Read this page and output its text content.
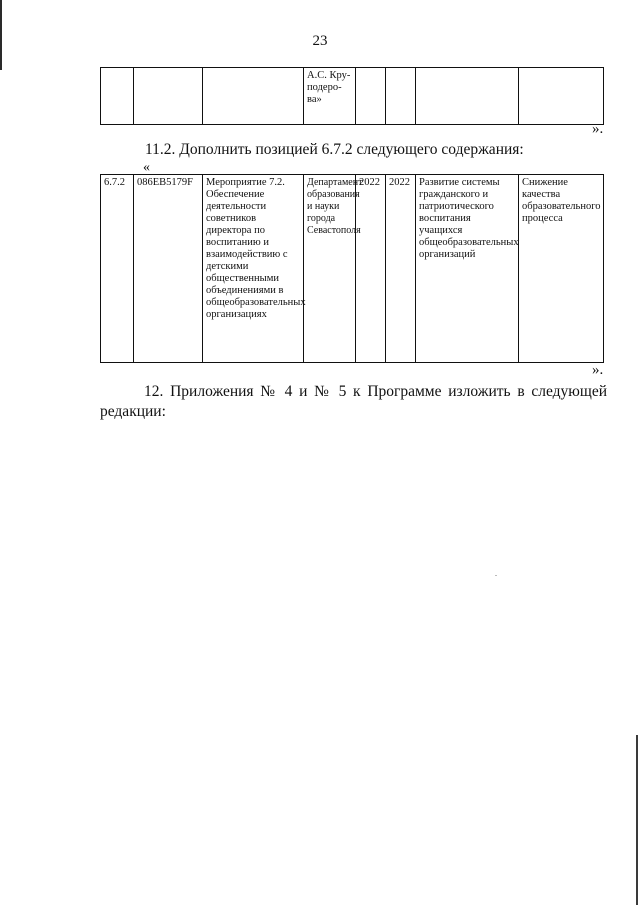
23
			А.С. Кру-
подеро-
ва»				
».

11.2. Дополнить позицией 6.7.2 следующего содержания:

«
6.7.2	086ЕВ5179F	Мероприятие 7.2. Обеспечение деятельности советников директора по воспитанию и взаимодействию с детскими общественными объединениями в общеобразовательных организациях	Департамент образования и науки города Севастополя	2022	2022	Развитие системы гражданского и патриотического воспитания учащихся общеобразовательных организаций	Снижение качества образовательного процесса
».

12. Приложения № 4 и № 5 к Программе изложить в следующей
редакции:
